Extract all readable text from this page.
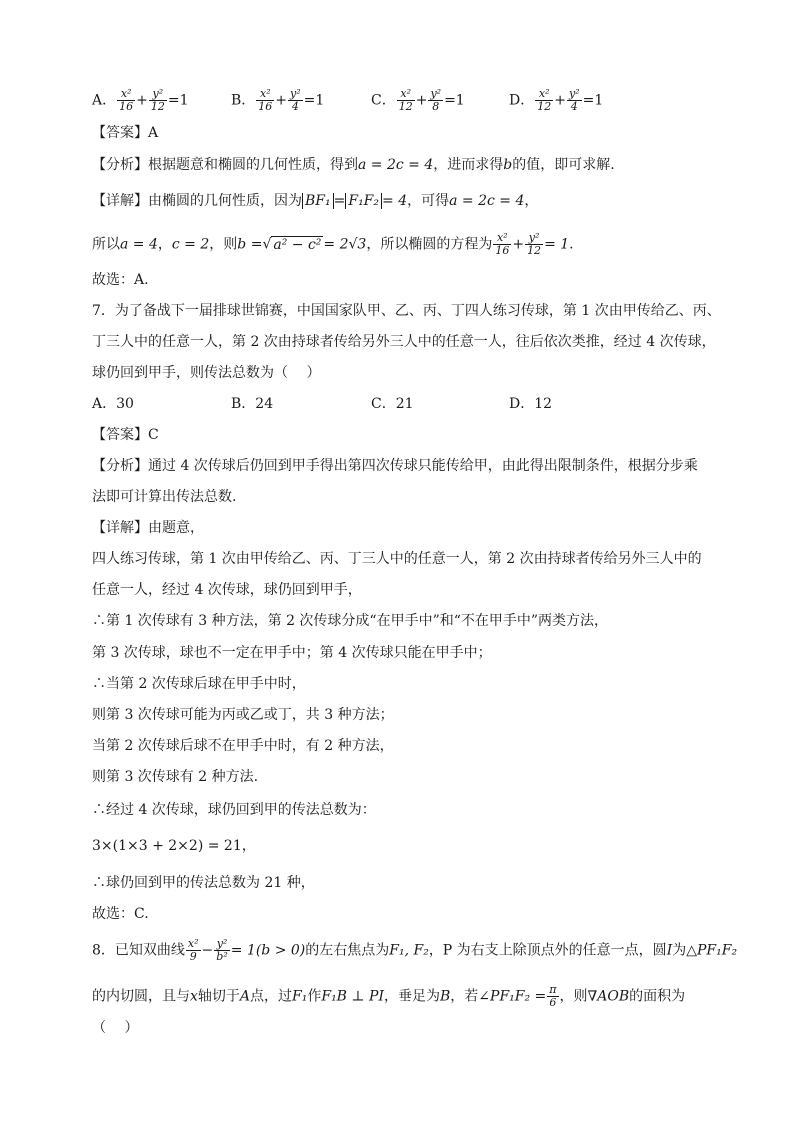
A． $\frac{\text{x²}}{16} + \frac{\text{y²}}{12} =1$	B． $\frac{\text{x²}}{16} + \frac{\text{y²}}{4} =1$	C． $\frac{\text{x²}}{12} + \frac{\text{y²}}{8} =1$	D． $\frac{\text{x²}}{12} + \frac{\text{y²}}{4} =1$
【答案】A
【分析】根据题意和椭圆的几何性质，得到a = 2c = 4，进而求得b的值，即可求解.
【详解】由椭圆的几何性质，因为 BF₁ = F₁F₂ = 4，可得a = 2c = 4，
所以a = 4，c = 2，则b =√ a² − c² = 2√3，所以椭圆的方程为 $\frac{\text{x²}}{16} + \frac{\text{y²}}{12} = 1$.
故选：A.
7．为了备战下一届排球世锦赛，中国国家队甲、乙、丙、丁四人练习传球，第 1 次由甲传给乙、丙、
丁三人中的任意一人，第 2 次由持球者传给另外三人中的任意一人，往后依次类推，经过 4 次传球，
球仍回到甲手，则传法总数为（　 ）
A．30	B．24	C．21	D．12
【答案】C
【分析】通过 4 次传球后仍回到甲手得出第四次传球只能传给甲，由此得出限制条件，根据分步乘
法即可计算出传法总数.
【详解】由题意，
四人练习传球，第 1 次由甲传给乙、丙、丁三人中的任意一人，第 2 次由持球者传给另外三人中的
任意一人，经过 4 次传球，球仍回到甲手，
∴第 1 次传球有 3 种方法，第 2 次传球分成“在甲手中”和“不在甲手中”两类方法，
第 3 次传球，球也不一定在甲手中；第 4 次传球只能在甲手中；
∴当第 2 次传球后球在甲手中时，
则第 3 次传球可能为丙或乙或丁，共 3 种方法；
当第 2 次传球后球不在甲手中时，有 2 种方法，
则第 3 次传球有 2 种方法.
∴经过 4 次传球，球仍回到甲的传法总数为：
3×(1×3 + 2×2) = 21，
∴球仍回到甲的传法总数为 21 种，
故选：C.
8．已知双曲线 $\frac{\text{x²}}{9} - \frac{\text{y²}}{\text{b²}} = 1(b > 0)$的左右焦点为F₁, F₂，P 为右支上除顶点外的任意一点，圆I为△PF₁F₂
的内切圆，且与x轴切于A点，过F₁作F₁B ⊥ PI，垂足为B，若∠PF₁F₂ = $\frac{\pi}{6}$ ，则∇AOB的面积为
（　 ）
